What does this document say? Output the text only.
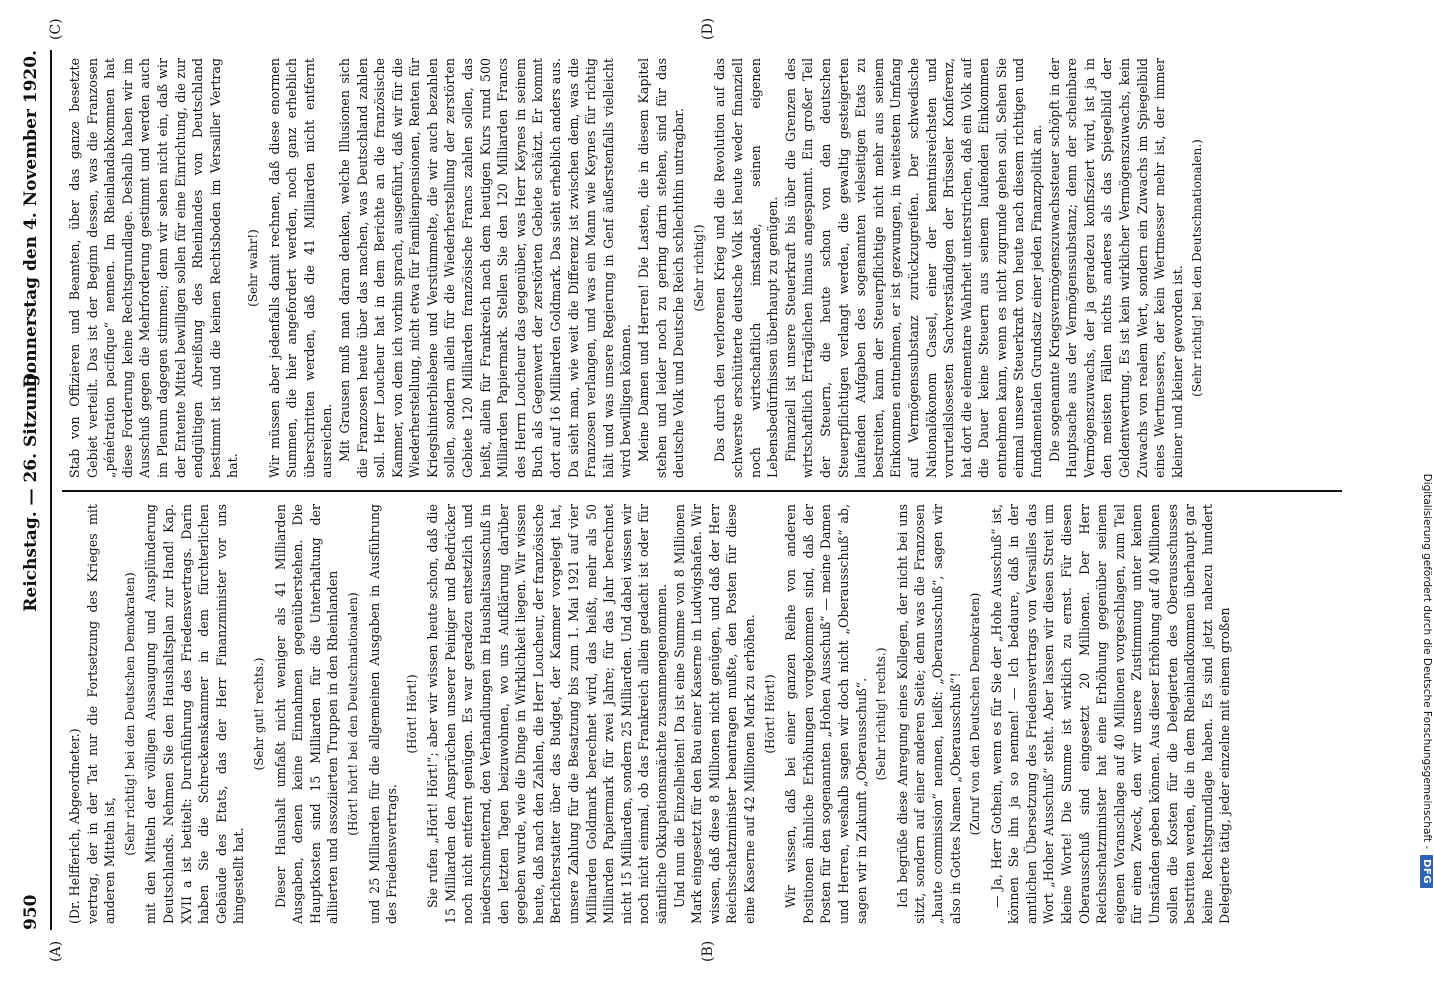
950
Reichstag. — 26. Sitzung.
Donnerstag den 4. November 1920.
(A)	(B)
(C)	(D)

(Dr. Helfferich, Abgeordneter.) vertrag, der in der Tat nur die Fortsetzung des Krieges mit anderen Mitteln ist,

(Sehr richtig! bei den Deutschen Demokraten) mit den Mitteln der völligen Aussaugung und Ausplünderung Deutschlands. Nehmen Sie den Haushaltsplan zur Hand! Kap. XVII a ist betitelt: Durchführung des Friedensvertrags. Darin haben Sie die Schreckenskammer in dem fürchterlichen Gebäude des Etats, das der Herr Finanzminister vor uns hingestellt hat.

(Sehr gut! rechts.) Dieser Haushalt umfaßt nicht weniger als 41 Milliarden Ausgaben, denen keine Einnahmen gegenüberstehen. Die Hauptkosten sind 15 Milliarden für die Unterhaltung der alliierten und assoziierten Truppen in den Rheinlanden (Hört! hört! bei den Deutschnationalen) und 25 Milliarden für die allgemeinen Ausgaben in Ausführung des Friedensvertrags.

(Hört! Hört!) Sie rufen „Hört! Hört!“; aber wir wissen heute schon, daß die 15 Milliarden den Ansprüchen unserer Peiniger und Bedrücker noch nicht entfernt genügen. Es war geradezu entsetzlich und niederschmetternd, den Verhandlungen im Haushaltsausschuß in den letzten Tagen beizuwohnen, wo uns Aufklärung darüber gegeben wurde, wie die Dinge in Wirklichkeit liegen. Wir wissen heute, daß nach den Zahlen, die Herr Loucheur, der französische Berichterstatter über das Budget, der Kammer vorgelegt hat, unsere Zahlung für die Besatzung bis zum 1. Mai 1921 auf vier Milliarden Goldmark berechnet wird, das heißt, mehr als 50 Milliarden Papiermark für zwei Jahre; für das Jahr berechnet nicht 15 Milliarden, sondern 25 Milliarden. Und dabei wissen wir noch nicht einmal, ob das Frankreich allein gedacht ist oder für sämtliche Okkupationsmächte zusammengenommen. Und nun die Einzelheiten! Da ist eine Summe von 8 Millionen Mark eingesetzt für den Bau einer Kaserne in Ludwigshafen. Wir wissen, daß diese 8 Millionen nicht genügen, und daß der Herr Reichsschatzminister beantragen mußte, den Posten für diese eine Kaserne auf 42 Millionen Mark zu erhöhen. (Hört! Hört!) Wir wissen, daß bei einer ganzen Reihe von anderen Positionen ähnliche Erhöhungen vorgekommen sind, daß der Posten für den sogenannten „Hohen Ausschuß“ — meine Damen und Herren, weshalb sagen wir doch nicht „Oberausschuß“ ab, sagen wir in Zukunft „Oberausschuß“. (Sehr richtig! rechts.) Ich begrüße diese Anregung eines Kollegen, der nicht bei uns sitzt, sondern auf einer anderen Seite; denn was die Franzosen „haute commission“ nennen, heißt: „Oberausschuß“, sagen wir also in Gottes Namen „Oberausschuß“! (Zuruf von den Deutschen Demokraten) — Ja, Herr Gothein, wenn es für Sie der „Hohe Ausschuß“ ist, können Sie ihn ja so nennen! — Ich bedaure, daß in der amtlichen Übersetzung des Friedensvertrags von Versailles das Wort „Hoher Ausschuß“ steht. Aber lassen wir diesen Streit um kleine Worte! Die Summe ist wirklich zu ernst. Für diesen Oberausschuß sind eingesetzt 20 Millionen. Der Herr Reichsschatzminister hat eine Erhöhung gegenüber seinem eigenen Voranschlage auf 40 Millionen vorgeschlagen, zum Teil für einen Zweck, den wir unsere Zustimmung unter keinen Umständen geben können. Aus dieser Erhöhung auf 40 Millionen sollen die Kosten für die Delegierten des Oberausschusses bestritten werden, die in dem Rheinlandkommen überhaupt gar keine Rechtsgrundlage haben. Es sind jetzt nahezu hundert Delegierte tätig, jeder einzelne mit einem großen

Stab von Offizieren und Beamten, über das ganze besetzte Gebiet verteilt. Das ist der Beginn dessen, was die Franzosen „pénétration pacifique“ nennen. Im Rheinlandabkommen hat diese Forderung keine Rechtsgrundlage. Deshalb haben wir im Ausschuß gegen die Mehrforderung gestimmt und werden auch im Plenum dagegen stimmen; denn wir sehen nicht ein, daß wir der Entente Mittel bewilligen sollen für eine Einrichtung, die zur endgültigen Abreißung des Rheinlandes von Deutschland bestimmt ist und die keinen Rechtsboden im Versailler Vertrag hat.

(Sehr wahr!) Wir müssen aber jedenfalls damit rechnen, daß diese enormen Summen, die hier angefordert werden, noch ganz erheblich überschritten werden, daß die 41 Milliarden nicht entfernt ausreichen. Mit Grausen muß man daran denken, welche Illusionen sich die Franzosen heute über das machen, was Deutschland zahlen soll. Herr Loucheur hat in dem Berichte an die französische Kammer, von dem ich vorhin sprach, ausgeführt, daß wir für die Wiederherstellung, nicht etwa für Familienpensionen, Renten für Kriegshinterbliebene und Verstümmelte, die wir auch bezahlen sollen, sondern allein für die Wiederherstellung der zerstörten Gebiete 120 Milliarden französische Francs zahlen sollen, das heißt, allein für Frankreich nach dem heutigen Kurs rund 500 Milliarden Papiermark. Stellen Sie den 120 Milliarden Francs des Herrn Loucheur das gegenüber, was Herr Keynes in seinem Buch als Gegenwert der zerstörten Gebiete schätzt. Er kommt dort auf 16 Milliarden Goldmark. Das sieht erheblich anders aus. Da sieht man, wie weit die Differenz ist zwischen dem, was die Franzosen verlangen, und was ein Mann wie Keynes für richtig hält und was unsere Regierung in Genf äußerstenfalls vielleicht wird bewilligen können. Meine Damen und Herren! Die Lasten, die in diesem Kapitel stehen und leider noch zu gering darin stehen, sind für das deutsche Volk und Deutsche Reich schlechthin untragbar. (Sehr richtig!) Das durch den verlorenen Krieg und die Revolution auf das schwerste erschütterte deutsche Volk ist heute weder finanziell noch wirtschaftlich imstande, seinen eigenen Lebensbedürfnissen überhaupt zu genügen. Finanziell ist unsere Steuerkraft bis über die Grenzen des wirtschaftlich Erträglichen hinaus angespannt. Ein großer Teil der Steuern, die heute schon von den deutschen Steuerpflichtigen verlangt werden, die gewaltig gesteigerten laufenden Aufgaben des sogenannten vielseitigen Etats zu bestreiten, kann der Steuerpflichtige nicht mehr aus seinem Einkommen entnehmen, er ist gezwungen, in weitestem Umfang auf Vermögenssubstanz zurückzugreifen. Der schwedische Nationalökonom Cassel, einer der kenntnisreichsten und vorurteilslosesten Sachverständigen der Brüsseler Konferenz, hat dort die elementare Wahrheit unterstrichen, daß ein Volk auf die Dauer keine Steuern aus seinem laufenden Einkommen entnehmen kann, wenn es nicht zugrunde gehen soll. Sehen Sie einmal unsere Steuerkraft von heute nach diesem richtigen und fundamentalen Grundsatz einer jeden Finanzpolitik an. Die sogenannte Kriegsvermögenszuwachssteuer schöpft in der Hauptsache aus der Vermögenssubstanz; denn der scheinbare Vermögenszuwachs, der ja geradezu konfisziert wird, ist ja in den meisten Fällen nichts anderes als das Spiegelbild der Geldentwertung. Es ist kein wirklicher Vermögenszuwachs, kein Zuwachs von realem Wert, sondern ein Zuwachs im Spiegelbild eines Wertmessers, der kein Wertmesser mehr ist, der immer kleiner und kleiner geworden ist. (Sehr richtig! bei den Deutschnationalen.)

Digitalisierung gefördert durch die Deutsche Forschungsgemeinschaft -
DFG
